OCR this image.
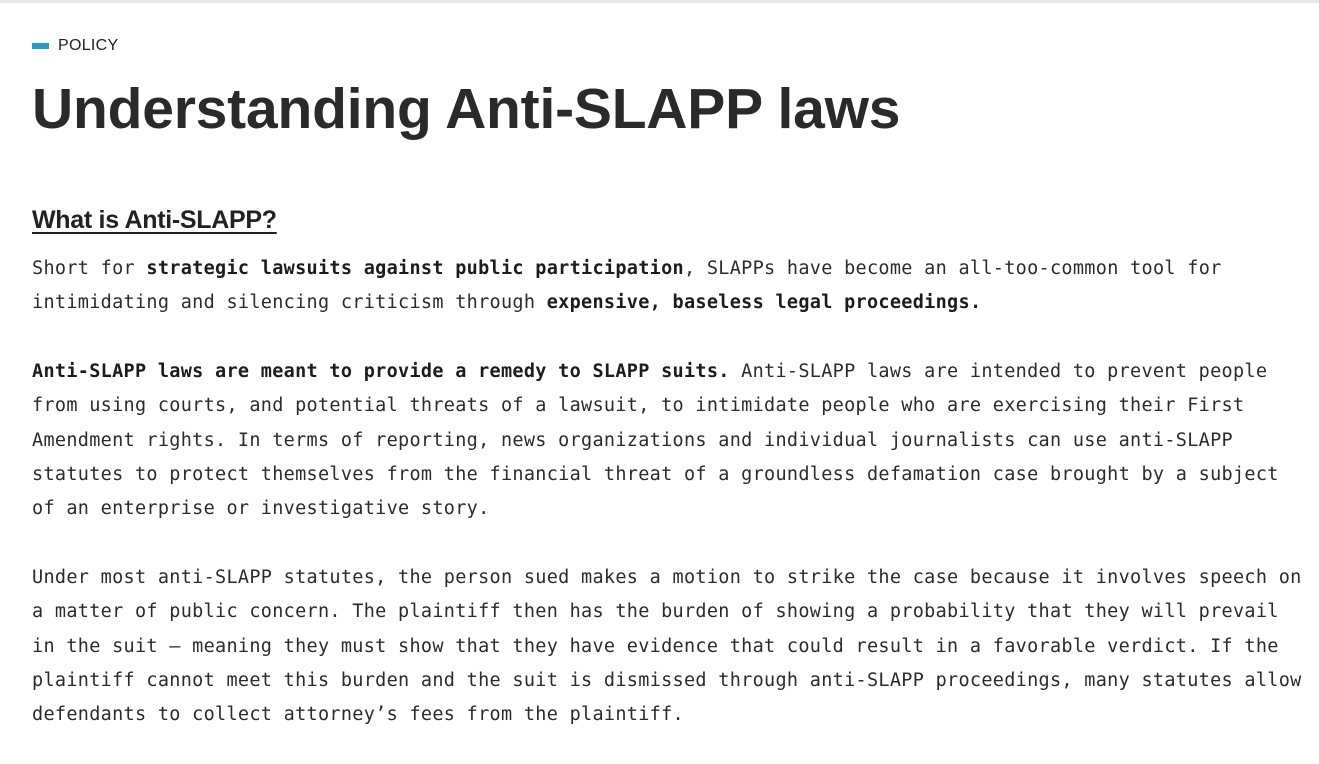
POLICY
Understanding Anti-SLAPP laws
What is Anti-SLAPP?

Short for strategic lawsuits against public participation, SLAPPs have become an all-too-common tool for intimidating and silencing criticism through expensive, baseless legal proceedings.

Anti-SLAPP laws are meant to provide a remedy to SLAPP suits. Anti-SLAPP laws are intended to prevent people from using courts, and potential threats of a lawsuit, to intimidate people who are exercising their First Amendment rights. In terms of reporting, news organizations and individual journalists can use anti-SLAPP statutes to protect themselves from the financial threat of a groundless defamation case brought by a subject of an enterprise or investigative story.

Under most anti-SLAPP statutes, the person sued makes a motion to strike the case because it involves speech on a matter of public concern. The plaintiff then has the burden of showing a probability that they will prevail in the suit — meaning they must show that they have evidence that could result in a favorable verdict. If the plaintiff cannot meet this burden and the suit is dismissed through anti-SLAPP proceedings, many statutes allow defendants to collect attorney’s fees from the plaintiff.
